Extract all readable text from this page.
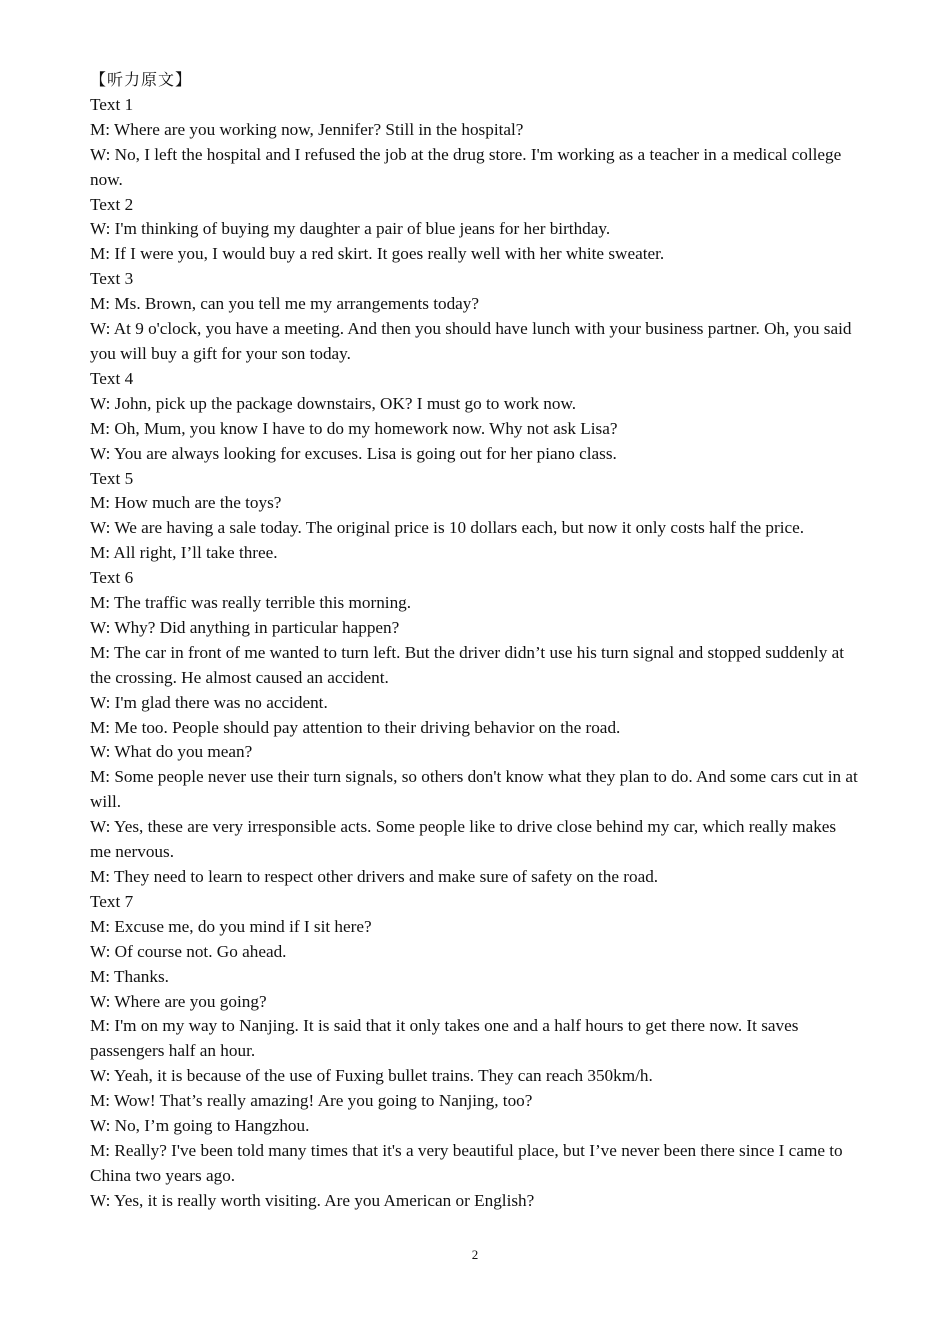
【听力原文】

Text 1

M: Where are you working now, Jennifer? Still in the hospital?

W: No, I left the hospital and I refused the job at the drug store. I'm working as a teacher in a medical college now.

Text 2

W: I'm thinking of buying my daughter a pair of blue jeans for her birthday.

M: If I were you, I would buy a red skirt. It goes really well with her white sweater.

Text 3

M: Ms. Brown, can you tell me my arrangements today?

W: At 9 o'clock, you have a meeting. And then you should have lunch with your business partner. Oh, you said you will buy a gift for your son today.

Text 4

W: John, pick up the package downstairs, OK? I must go to work now.

M: Oh, Mum, you know I have to do my homework now. Why not ask Lisa?

W: You are always looking for excuses. Lisa is going out for her piano class.

Text 5

M: How much are the toys?

W: We are having a sale today. The original price is 10 dollars each, but now it only costs half the price.

M: All right, I’ll take three.

Text 6

M: The traffic was really terrible this morning.

W: Why? Did anything in particular happen?

M: The car in front of me wanted to turn left. But the driver didn’t use his turn signal and stopped suddenly at the crossing. He almost caused an accident.

W: I'm glad there was no accident.

M: Me too. People should pay attention to their driving behavior on the road.

W: What do you mean?

M: Some people never use their turn signals, so others don't know what they plan to do. And some cars cut in at will.

W: Yes, these are very irresponsible acts. Some people like to drive close behind my car, which really makes me nervous.

M: They need to learn to respect other drivers and make sure of safety on the road.

Text 7

M: Excuse me, do you mind if I sit here?

W: Of course not. Go ahead.

M: Thanks.

W: Where are you going?

M: I'm on my way to Nanjing. It is said that it only takes one and a half hours to get there now. It saves passengers half an hour.

W: Yeah, it is because of the use of Fuxing bullet trains. They can reach 350km/h.

M: Wow! That’s really amazing! Are you going to Nanjing, too?

W: No, I’m going to Hangzhou.

M: Really? I've been told many times that it's a very beautiful place, but I’ve never been there since I came to China two years ago.

W: Yes, it is really worth visiting. Are you American or English?

2
